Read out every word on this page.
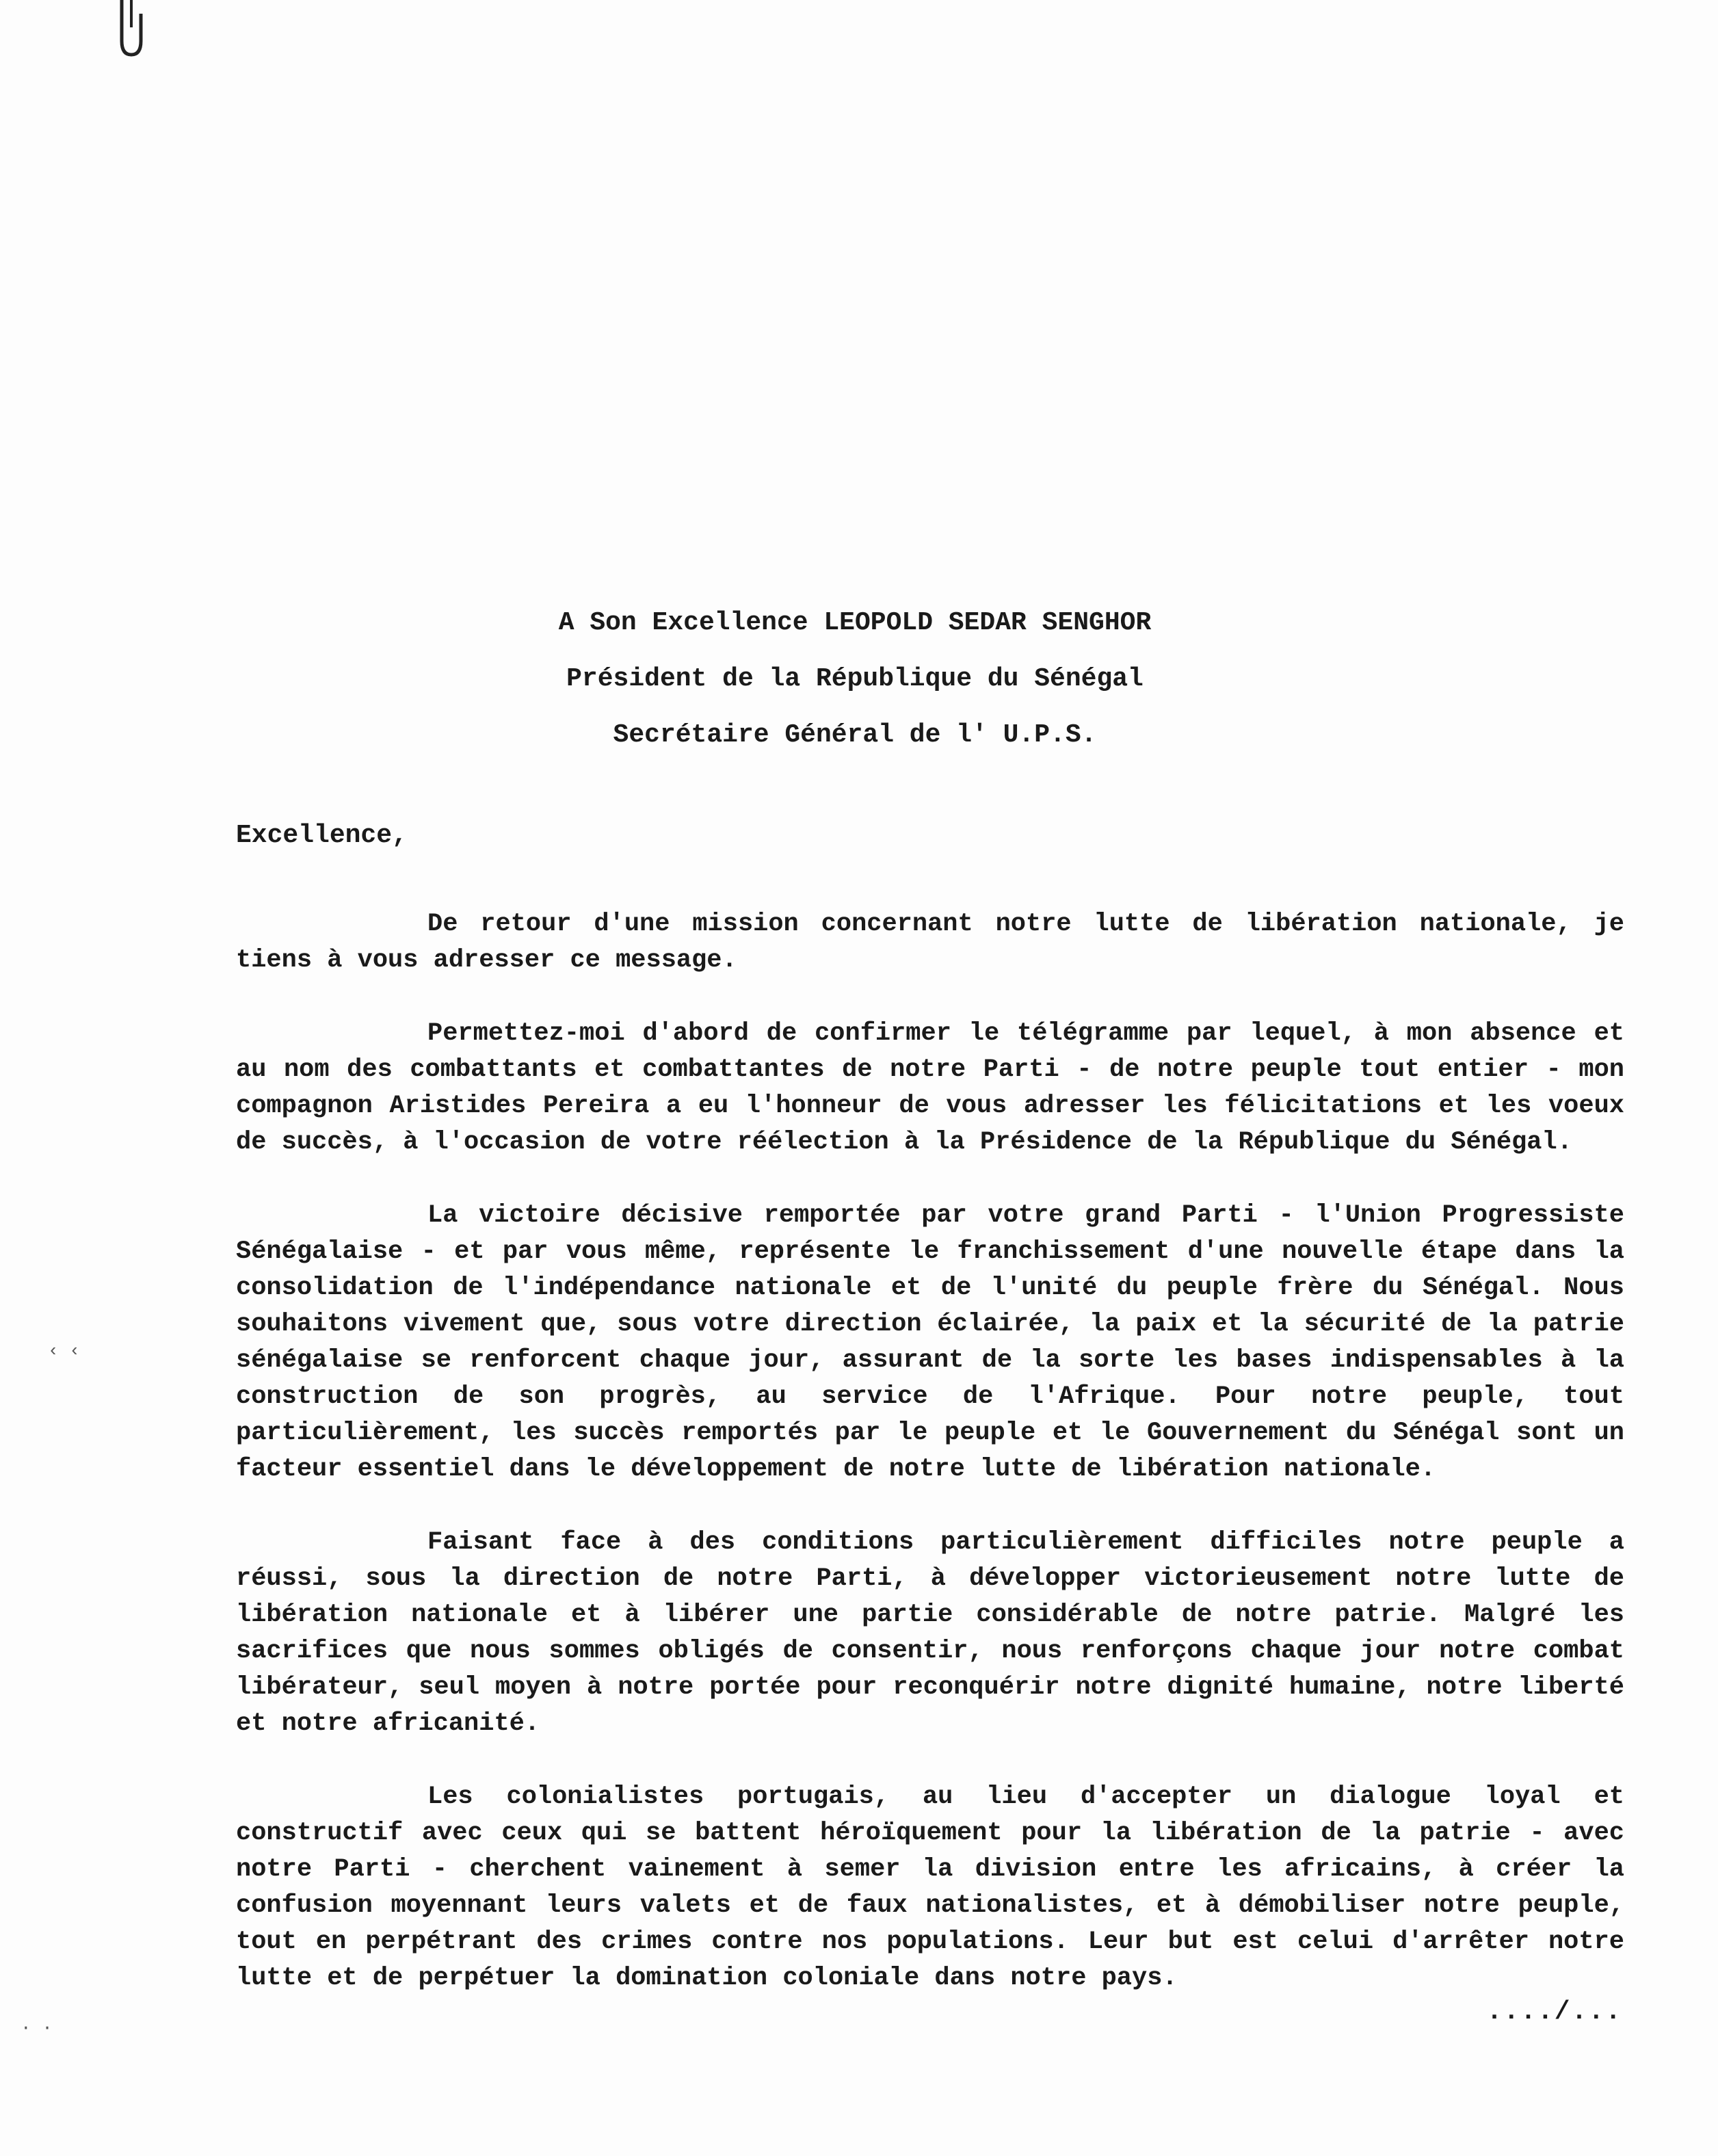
A Son Excellence LEOPOLD SEDAR SENGHOR
Président de la République du Sénégal
Secrétaire Général de l' U.P.S.
Excellence,

De retour d'une mission concernant notre lutte de libération nationale, je tiens à vous adresser ce message.

Permettez-moi d'abord de confirmer le télégramme par lequel, à mon absence et au nom des combattants et combattantes de notre Parti - de notre peuple tout entier - mon compagnon Aristides Pereira a eu l'honneur de vous adresser les félicitations et les voeux de succès, à l'occasion de votre réélection à la Présidence de la République du Sénégal.

La victoire décisive remportée par votre grand Parti - l'Union Progressiste Sénégalaise - et par vous même, représente le franchissement d'une nouvelle étape dans la consolidation de l'indépendance nationale et de l'unité du peuple frère du Sénégal. Nous souhaitons vivement que, sous votre direction éclairée, la paix et la sécurité de la patrie sénégalaise se renforcent chaque jour, assurant de la sorte les bases indispensables à la construction de son progrès, au service de l'Afrique. Pour notre peuple, tout particulièrement, les succès remportés par le peuple et le Gouvernement du Sénégal sont un facteur essentiel dans le développement de notre lutte de libération nationale.

Faisant face à des conditions particulièrement difficiles notre peuple a réussi, sous la direction de notre Parti, à développer victorieusement notre lutte de libération nationale et à libérer une partie considérable de notre patrie. Malgré les sacrifices que nous sommes obligés de consentir, nous renforçons chaque jour notre combat libérateur, seul moyen à notre portée pour reconquérir notre dignité humaine, notre liberté et notre africanité.

Les colonialistes portugais, au lieu d'accepter un dialogue loyal et constructif avec ceux qui se battent héroïquement pour la libération de la patrie - avec notre Parti - cherchent vainement à semer la division entre les africains, à créer la confusion moyennant leurs valets et de faux nationalistes, et à démobiliser notre peuple, tout en perpétrant des crimes contre nos populations. Leur but est celui d'arrêter notre lutte et de perpétuer la domination coloniale dans notre pays.

..../...
‹ ‹
· ·
